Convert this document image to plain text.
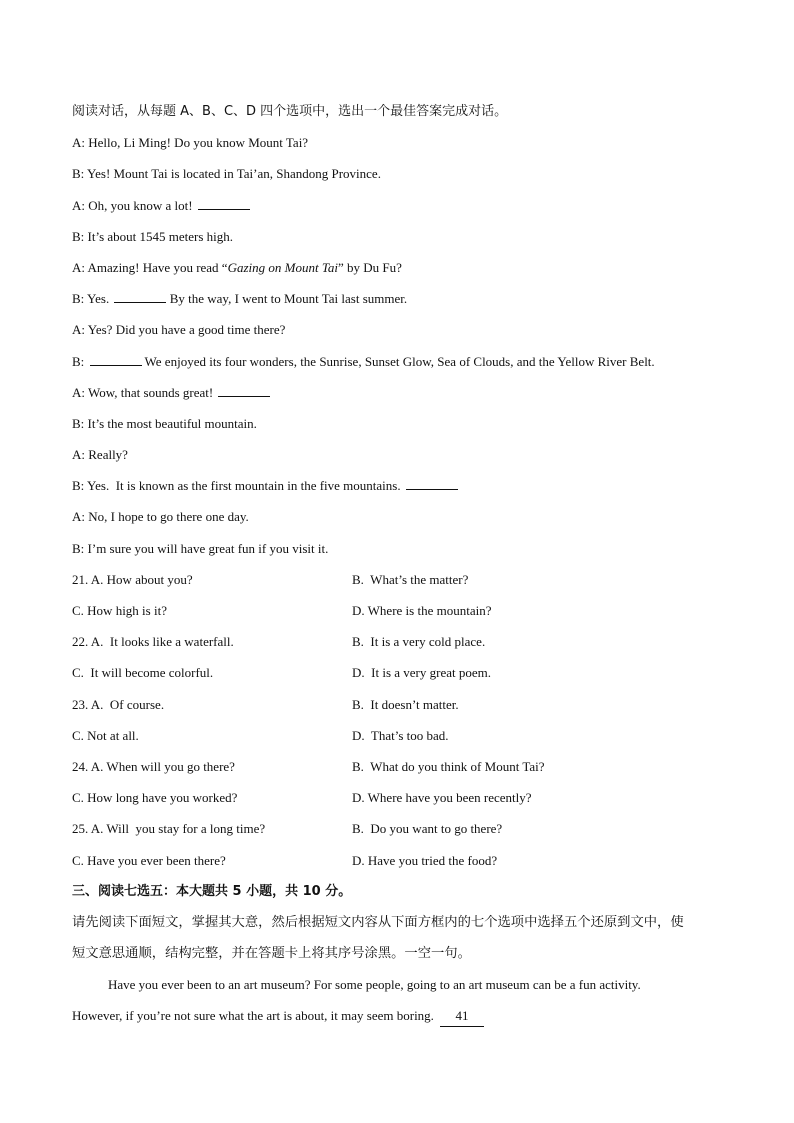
阅读对话，从每题 A、B、C、D 四个选项中，选出一个最佳答案完成对话。
A: Hello, Li Ming! Do you know Mount Tai?
B: Yes! Mount Tai is located in Tai’an, Shandong Province.
A: Oh, you know a lot!
B: It’s about 1545 meters high.
A: Amazing! Have you read “Gazing on Mount Tai” by Du Fu?
B: Yes.	By the way, I went to Mount Tai last summer.
A: Yes? Did you have a good time there?
B:	We enjoyed its four wonders, the Sunrise, Sunset Glow, Sea of Clouds, and the Yellow River Belt.
A: Wow, that sounds great!
B: It’s the most beautiful mountain.
A: Really?
B: Yes.  It is known as the first mountain in the five mountains.
A: No, I hope to go there one day.
B: I’m sure you will have great fun if you visit it.
21. A. How about you?	B.  What’s the matter?
C. How high is it?	D. Where is the mountain?
22. A.  It looks like a waterfall.	B.  It is a very cold place.
C.  It will become colorful.	D.  It is a very great poem.
23. A.  Of course.	B.  It doesn’t matter.
C. Not at all.	D.  That’s too bad.
24. A. When will you go there?	B.  What do you think of Mount Tai?
C. How long have you worked?	D. Where have you been recently?
25. A. Will  you stay for a long time?	B.  Do you want to go there?
C. Have you ever been there?	D. Have you tried the food?
三、阅读七选五：本大题共 5 小题，共 10 分。
请先阅读下面短文，掌握其大意，然后根据短文内容从下面方框内的七个选项中选择五个还原到文中，使
短文意思通顺，结构完整，并在答题卡上将其序号涂黑。一空一句。
Have you ever been to an art museum? For some people, going to an art museum can be a fun activity.
However, if you’re not sure what the art is about, it may seem boring. 41
